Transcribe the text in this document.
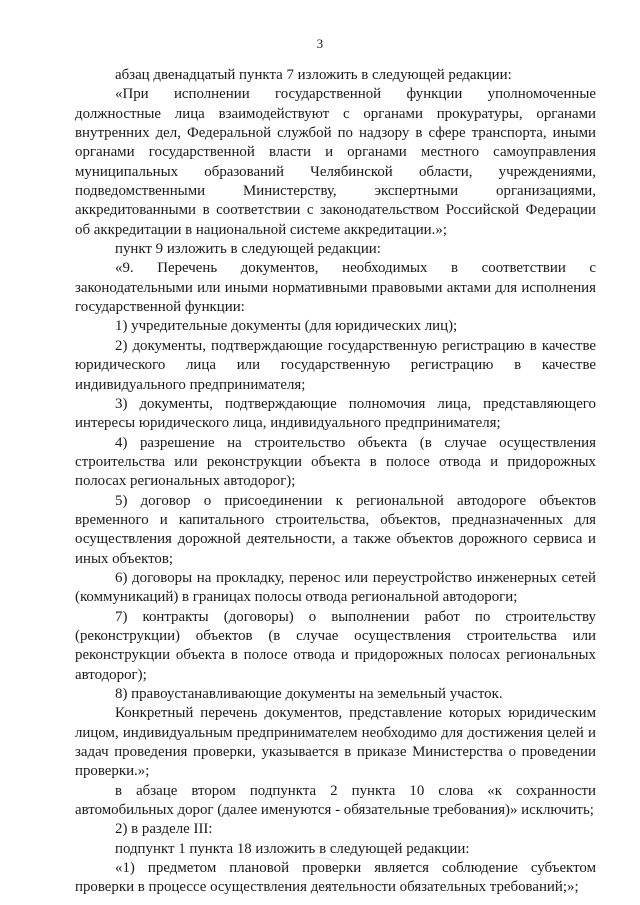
3

абзац двенадцатый пункта 7 изложить в следующей редакции:

«При исполнении государственной функции уполномоченные должностные лица взаимодействуют с органами прокуратуры, органами внутренних дел, Федеральной службой по надзору в сфере транспорта, иными органами государственной власти и органами местного самоуправления муниципальных образований Челябинской области, учреждениями, подведомственными Министерству, экспертными организациями, аккредитованными в соответствии с законодательством Российской Федерации об аккредитации в национальной системе аккредитации.»;

пункт 9 изложить в следующей редакции:

«9. Перечень документов, необходимых в соответствии с законодательными или иными нормативными правовыми актами для исполнения государственной функции:

1) учредительные документы (для юридических лиц);

2) документы, подтверждающие государственную регистрацию в качестве юридического лица или государственную регистрацию в качестве индивидуального предпринимателя;

3) документы, подтверждающие полномочия лица, представляющего интересы юридического лица, индивидуального предпринимателя;

4) разрешение на строительство объекта (в случае осуществления строительства или реконструкции объекта в полосе отвода и придорожных полосах региональных автодорог);

5) договор о присоединении к региональной автодороге объектов временного и капитального строительства, объектов, предназначенных для осуществления дорожной деятельности, а также объектов дорожного сервиса и иных объектов;

6) договоры на прокладку, перенос или переустройство инженерных сетей (коммуникаций) в границах полосы отвода региональной автодороги;

7) контракты (договоры) о выполнении работ по строительству (реконструкции) объектов (в случае осуществления строительства или реконструкции объекта в полосе отвода и придорожных полосах региональных автодорог);

8) правоустанавливающие документы на земельный участок.

Конкретный перечень документов, представление которых юридическим лицом, индивидуальным предпринимателем необходимо для достижения целей и задач проведения проверки, указывается в приказе Министерства о проведении проверки.»;

в абзаце втором подпункта 2 пункта 10 слова «к сохранности автомобильных дорог (далее именуются - обязательные требования)» исключить;

2) в разделе III:

подпункт 1 пункта 18 изложить в следующей редакции:

«1) предметом плановой проверки является соблюдение субъектом проверки в процессе осуществления деятельности обязательных требований;»;
